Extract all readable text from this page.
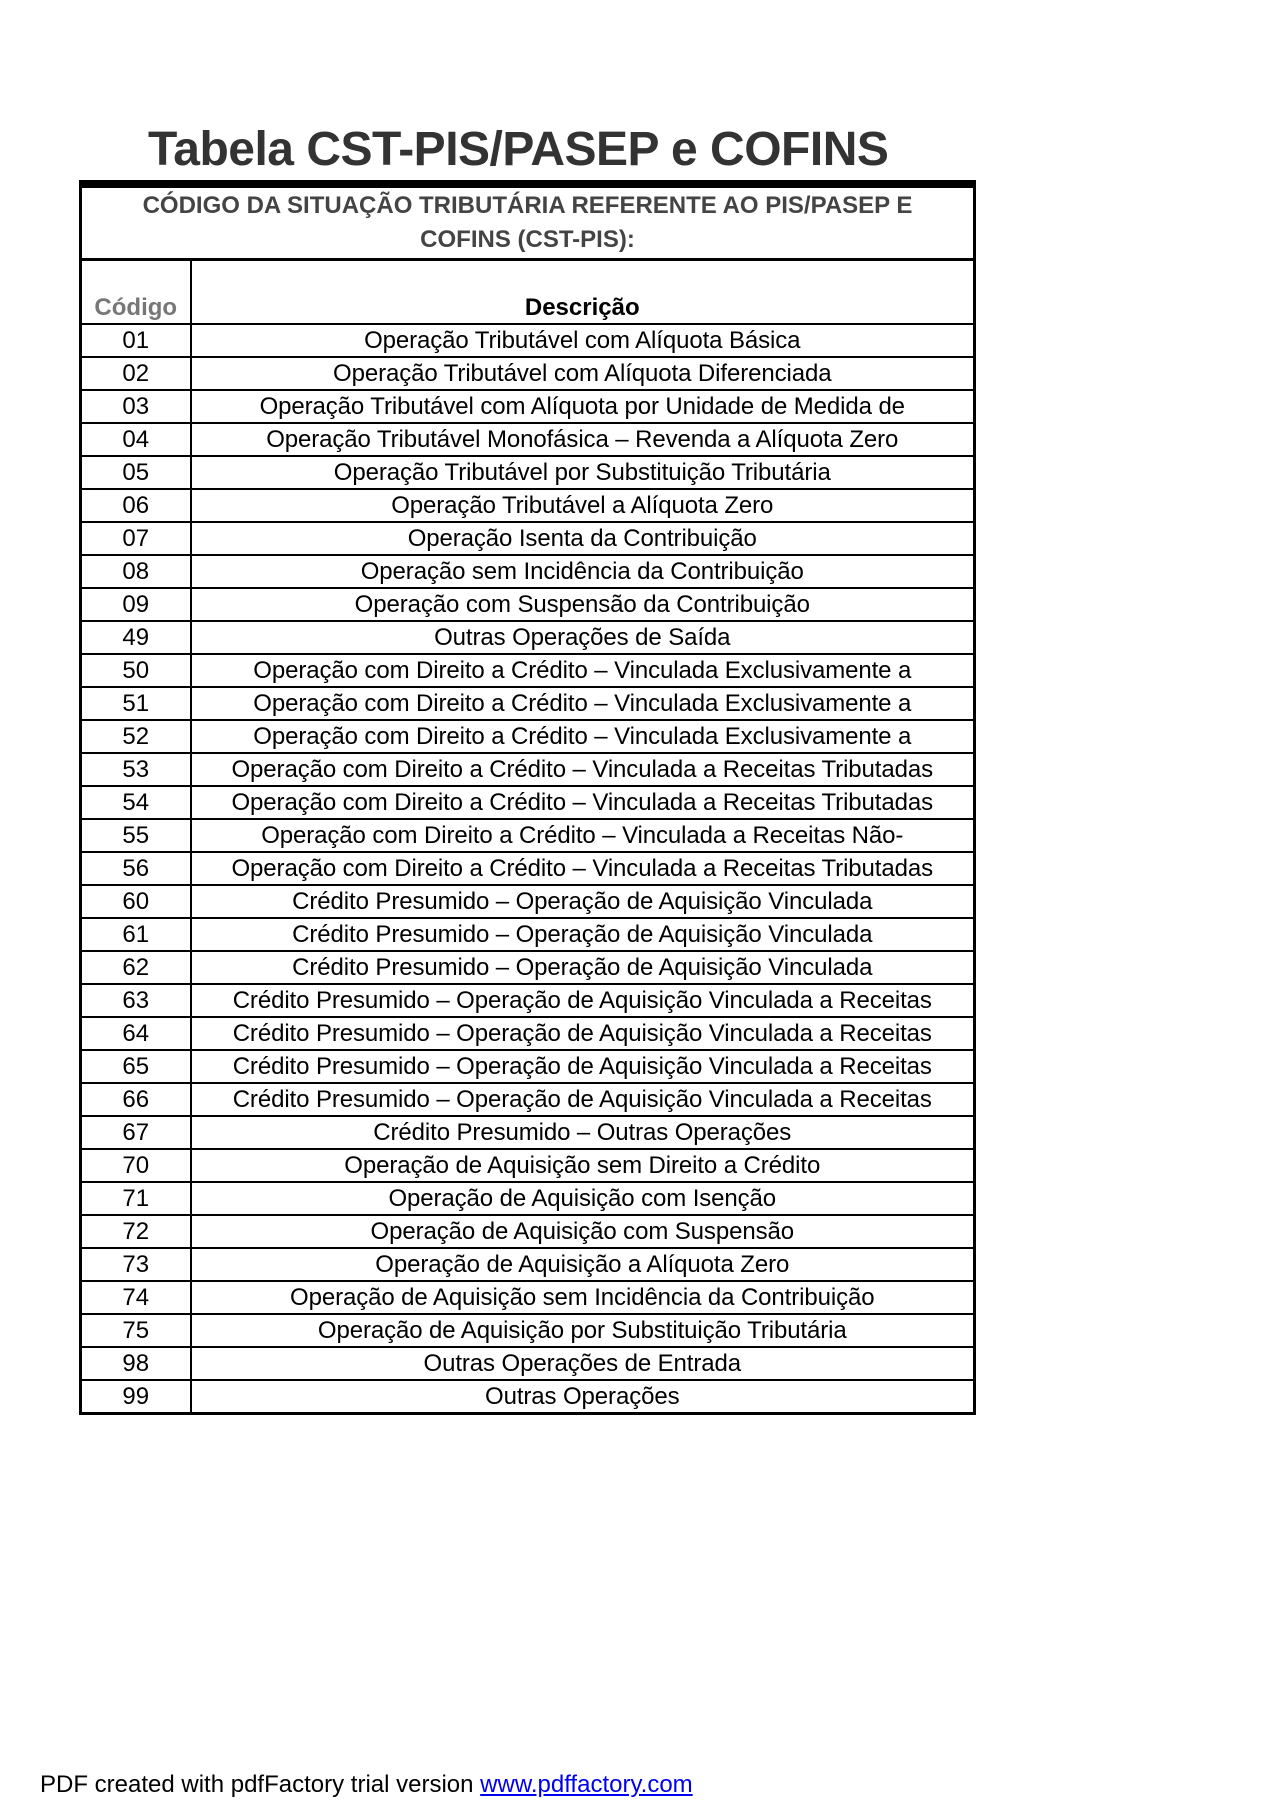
Tabela CST-PIS/PASEP e COFINS
CÓDIGO DA SITUAÇÃO TRIBUTÁRIA REFERENTE AO PIS/PASEP E COFINS (CST-PIS):	
Código	Descrição
01	Operação Tributável com Alíquota Básica
02	Operação Tributável com Alíquota Diferenciada
03	Operação Tributável com Alíquota por Unidade de Medida de
04	Operação Tributável Monofásica – Revenda a Alíquota Zero
05	Operação Tributável por Substituição Tributária
06	Operação Tributável a Alíquota Zero
07	Operação Isenta da Contribuição
08	Operação sem Incidência da Contribuição
09	Operação com Suspensão da Contribuição
49	Outras Operações de Saída
50	Operação com Direito a Crédito – Vinculada Exclusivamente a
51	Operação com Direito a Crédito – Vinculada Exclusivamente a
52	Operação com Direito a Crédito – Vinculada Exclusivamente a
53	Operação com Direito a Crédito – Vinculada a Receitas Tributadas
54	Operação com Direito a Crédito – Vinculada a Receitas Tributadas
55	Operação com Direito a Crédito – Vinculada a Receitas Não-
56	Operação com Direito a Crédito – Vinculada a Receitas Tributadas
60	Crédito Presumido – Operação de Aquisição Vinculada
61	Crédito Presumido – Operação de Aquisição Vinculada
62	Crédito Presumido – Operação de Aquisição Vinculada
63	Crédito Presumido – Operação de Aquisição Vinculada a Receitas
64	Crédito Presumido – Operação de Aquisição Vinculada a Receitas
65	Crédito Presumido – Operação de Aquisição Vinculada a Receitas
66	Crédito Presumido – Operação de Aquisição Vinculada a Receitas
67	Crédito Presumido – Outras Operações
70	Operação de Aquisição sem Direito a Crédito
71	Operação de Aquisição com Isenção
72	Operação de Aquisição com Suspensão
73	Operação de Aquisição a Alíquota Zero
74	Operação de Aquisição sem Incidência da Contribuição
75	Operação de Aquisição por Substituição Tributária
98	Outras Operações de Entrada
99	Outras Operações
PDF created with pdfFactory trial version www.pdffactory.com
